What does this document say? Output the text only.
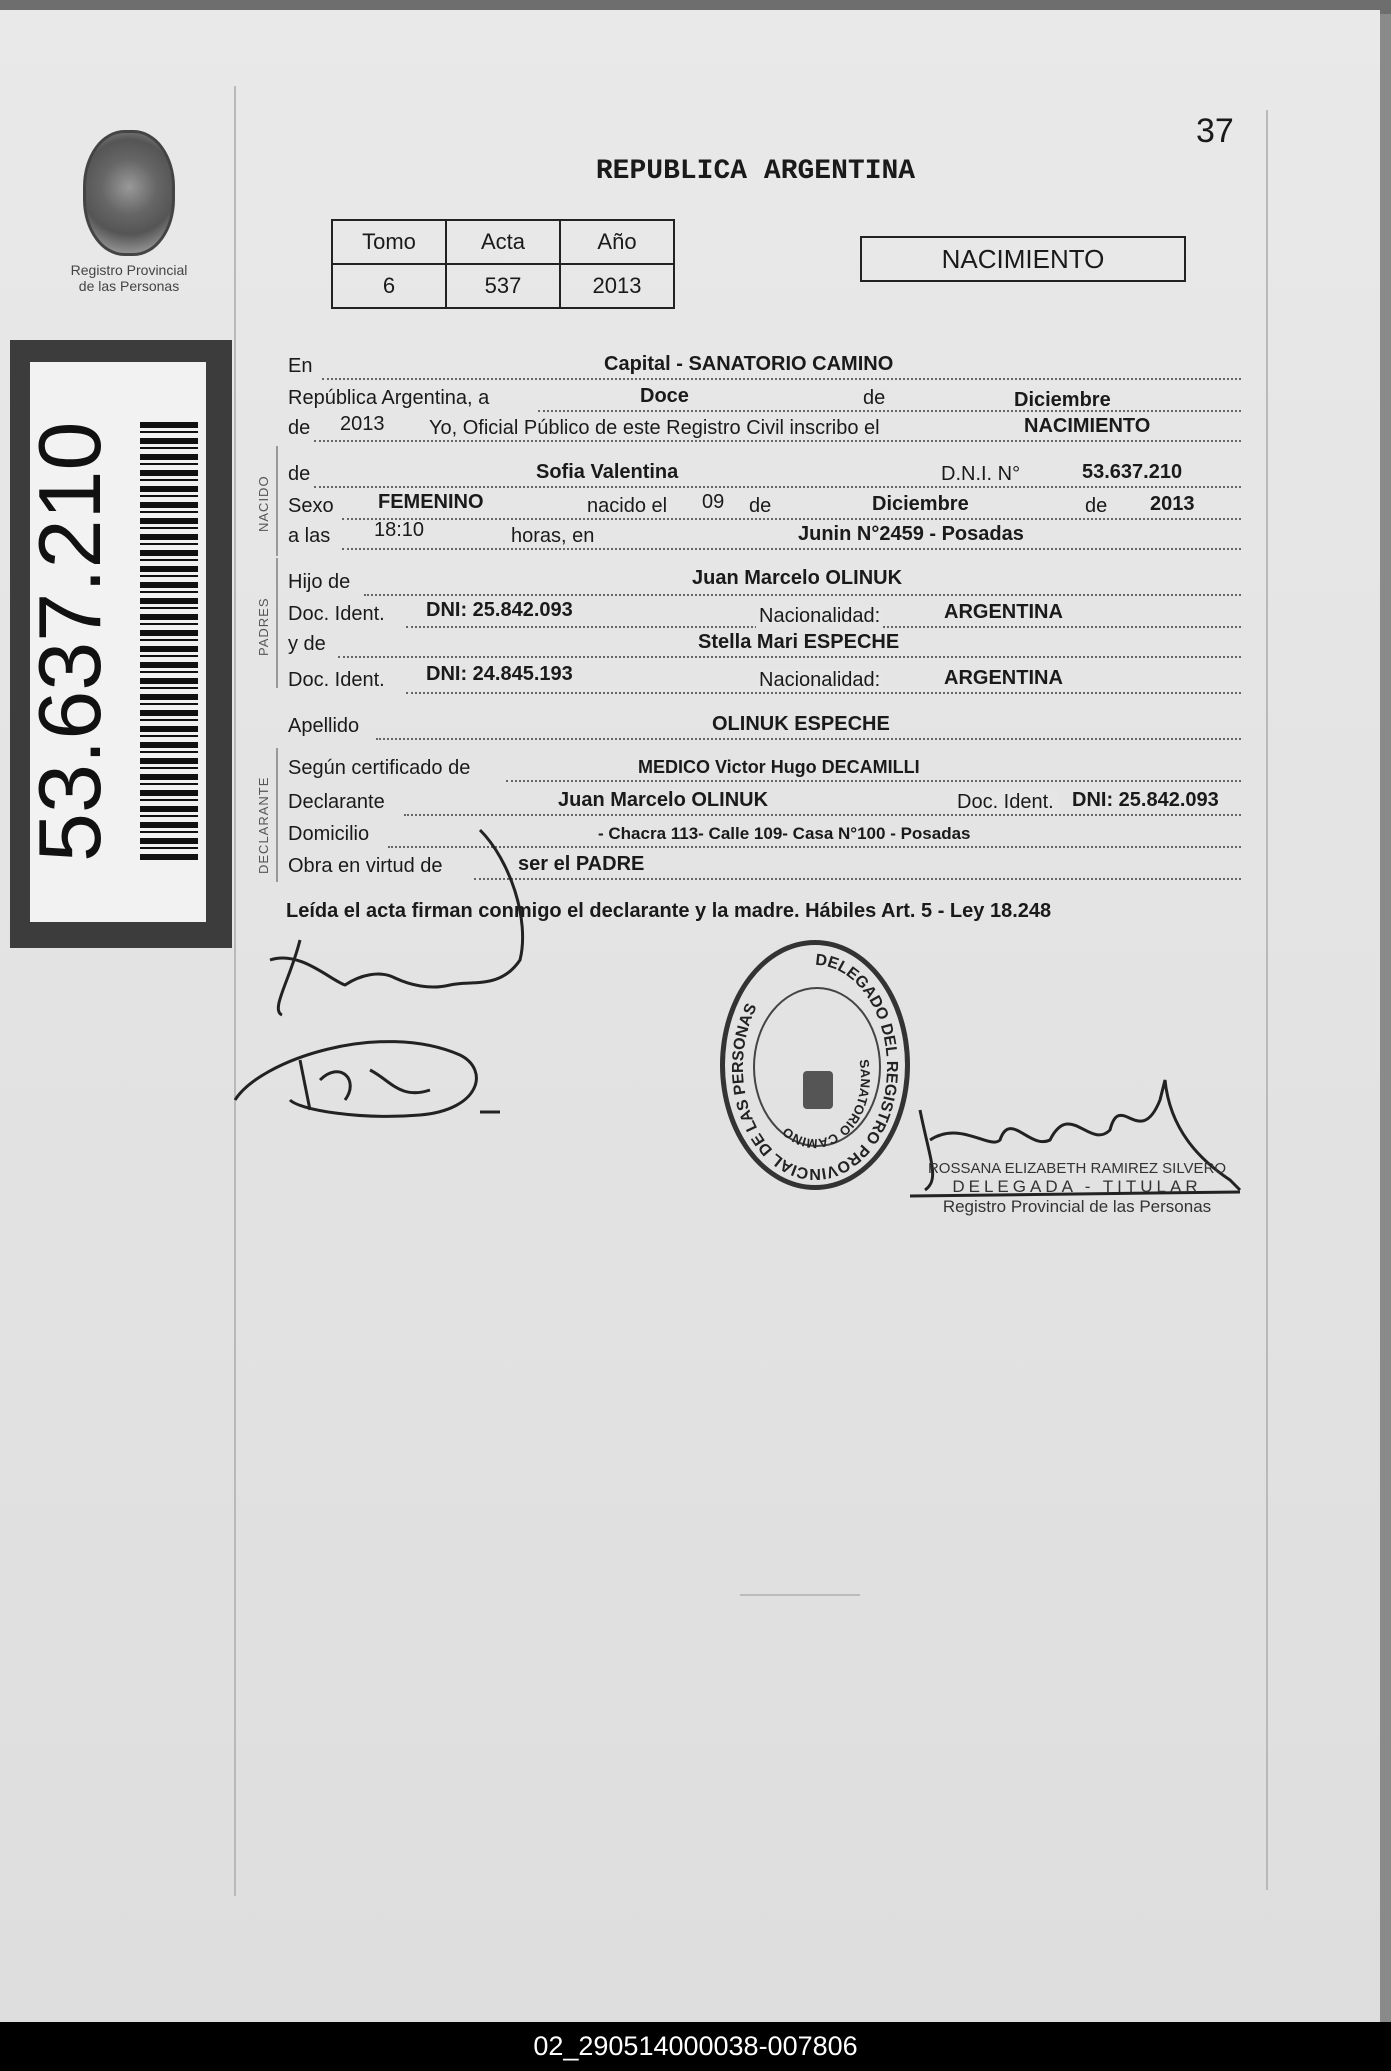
37
REPUBLICA ARGENTINA
Registro Provincial
de las Personas
Tomo	Acta	Año
6	537	2013
NACIMIENTO
53.637.210	NACIDO
PADRES
DECLARANTE
En	Capital - SANATORIO CAMINO
República Argentina, a	Doce	de	Diciembre
de 2013 Yo, Oficial Público de este Registro Civil inscribo el	NACIMIENTO
de	Sofia Valentina	D.N.I. N°	53.637.210
Sexo FEMENINO	nacido el 09 de	Diciembre	de 2013
a las 18:10	horas, en	Junin N°2459 - Posadas
Hijo de	Juan Marcelo OLINUK
Doc. Ident. DNI: 25.842.093	Nacionalidad:	ARGENTINA
y de	Stella Mari ESPECHE
Doc. Ident. DNI: 24.845.193	Nacionalidad:	ARGENTINA
Apellido	OLINUK ESPECHE
Según certificado de	MEDICO Victor Hugo DECAMILLI
Declarante	Juan Marcelo OLINUK	Doc. Ident. DNI: 25.842.093
Domicilio	- Chacra 113- Calle 109- Casa N°100 - Posadas
Obra en virtud de	ser el PADRE
Leída el acta firman conmigo el declarante y la madre. Hábiles Art. 5 - Ley 18.248
DELEGADO DEL REGISTRO PROVINCIAL DE LAS PERSONAS
SANATORIO CAMINO
ROSSANA ELIZABETH RAMIREZ SILVERO
DELEGADA - TITULAR
Registro Provincial de las Personas
02_290514000038-007806
